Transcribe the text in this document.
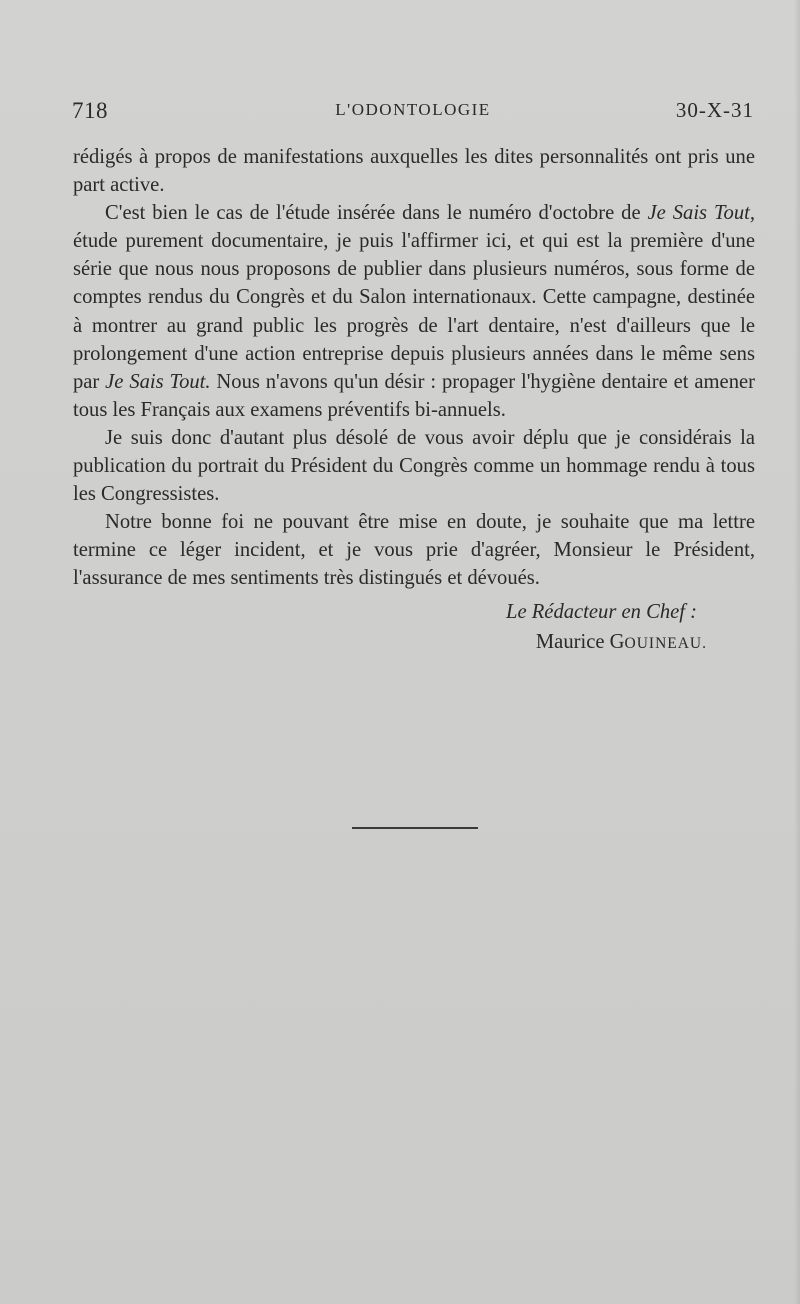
718	L'ODONTOLOGIE	30-X-31

rédigés à propos de manifestations auxquelles les dites personnalités ont pris une part active.

C'est bien le cas de l'étude insérée dans le numéro d'octobre de Je Sais Tout, étude purement documentaire, je puis l'affirmer ici, et qui est la première d'une série que nous nous proposons de publier dans plusieurs numéros, sous forme de comptes rendus du Congrès et du Salon internationaux. Cette campagne, destinée à montrer au grand public les progrès de l'art dentaire, n'est d'ailleurs que le prolongement d'une action entreprise depuis plusieurs années dans le même sens par Je Sais Tout. Nous n'avons qu'un désir : propager l'hygiène dentaire et amener tous les Français aux examens préventifs bi-annuels.

Je suis donc d'autant plus désolé de vous avoir déplu que je considérais la publication du portrait du Président du Congrès comme un hommage rendu à tous les Congressistes.

Notre bonne foi ne pouvant être mise en doute, je souhaite que ma lettre termine ce léger incident, et je vous prie d'agréer, Monsieur le Président, l'assurance de mes sentiments très distingués et dévoués.

Le Rédacteur en Chef :
Maurice GOUINEAU.
